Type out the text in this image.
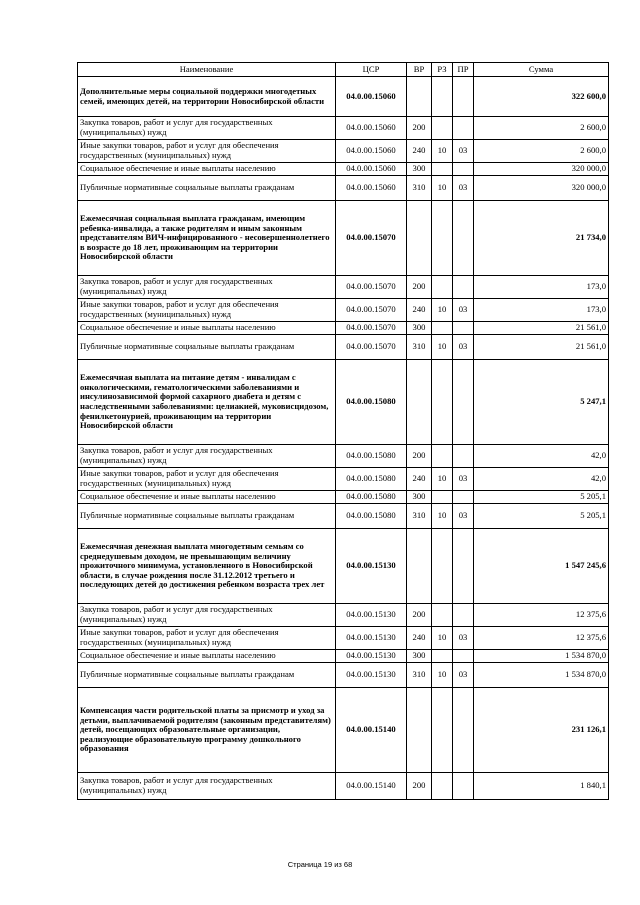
Наименование	ЦСР	ВР	РЗ	ПР	Сумма
Дополнительные меры социальной поддержки многодетных семей, имеющих детей, на территории Новосибирской области	04.0.00.15060				322 600,0
Закупка товаров, работ и услуг для государственных (муниципальных) нужд	04.0.00.15060	200			2 600,0
Иные закупки товаров, работ и услуг для обеспечения государственных (муниципальных) нужд	04.0.00.15060	240	10	03	2 600,0
Социальное обеспечение и иные выплаты населению	04.0.00.15060	300			320 000,0
Публичные нормативные социальные выплаты гражданам	04.0.00.15060	310	10	03	320 000,0
Ежемесячная социальная выплата гражданам, имеющим ребенка-инвалида, а также родителям и иным законным представителям ВИЧ-инфицированного - несовершеннолетнего в возрасте до 18 лет, проживающим на территории Новосибирской области	04.0.00.15070				21 734,0
Закупка товаров, работ и услуг для государственных (муниципальных) нужд	04.0.00.15070	200			173,0
Иные закупки товаров, работ и услуг для обеспечения государственных (муниципальных) нужд	04.0.00.15070	240	10	03	173,0
Социальное обеспечение и иные выплаты населению	04.0.00.15070	300			21 561,0
Публичные нормативные социальные выплаты гражданам	04.0.00.15070	310	10	03	21 561,0
Ежемесячная выплата на питание детям - инвалидам с онкологическими, гематологическими заболеваниями и инсулинозависимой формой сахарного диабета и детям с наследственными заболеваниями: целиакией, муковисцидозом, фенилкетонурией, проживающим на территории Новосибирской области	04.0.00.15080				5 247,1
Закупка товаров, работ и услуг для государственных (муниципальных) нужд	04.0.00.15080	200			42,0
Иные закупки товаров, работ и услуг для обеспечения государственных (муниципальных) нужд	04.0.00.15080	240	10	03	42,0
Социальное обеспечение и иные выплаты населению	04.0.00.15080	300			5 205,1
Публичные нормативные социальные выплаты гражданам	04.0.00.15080	310	10	03	5 205,1
Ежемесячная денежная выплата многодетным семьям со среднедушевым доходом, не превышающим величину прожиточного минимума, установленного в Новосибирской области, в случае рождения после 31.12.2012 третьего и последующих детей до достижения ребенком возраста трех лет	04.0.00.15130				1 547 245,6
Закупка товаров, работ и услуг для государственных (муниципальных) нужд	04.0.00.15130	200			12 375,6
Иные закупки товаров, работ и услуг для обеспечения государственных (муниципальных) нужд	04.0.00.15130	240	10	03	12 375,6
Социальное обеспечение и иные выплаты населению	04.0.00.15130	300			1 534 870,0
Публичные нормативные социальные выплаты гражданам	04.0.00.15130	310	10	03	1 534 870,0
Компенсация части родительской платы за присмотр и уход за детьми, выплачиваемой родителям (законным представителям) детей, посещающих образовательные организации, реализующие образовательную программу дошкольного образования	04.0.00.15140				231 126,1
Закупка товаров, работ и услуг для государственных (муниципальных) нужд	04.0.00.15140	200			1 840,1
Страница 19 из 68
